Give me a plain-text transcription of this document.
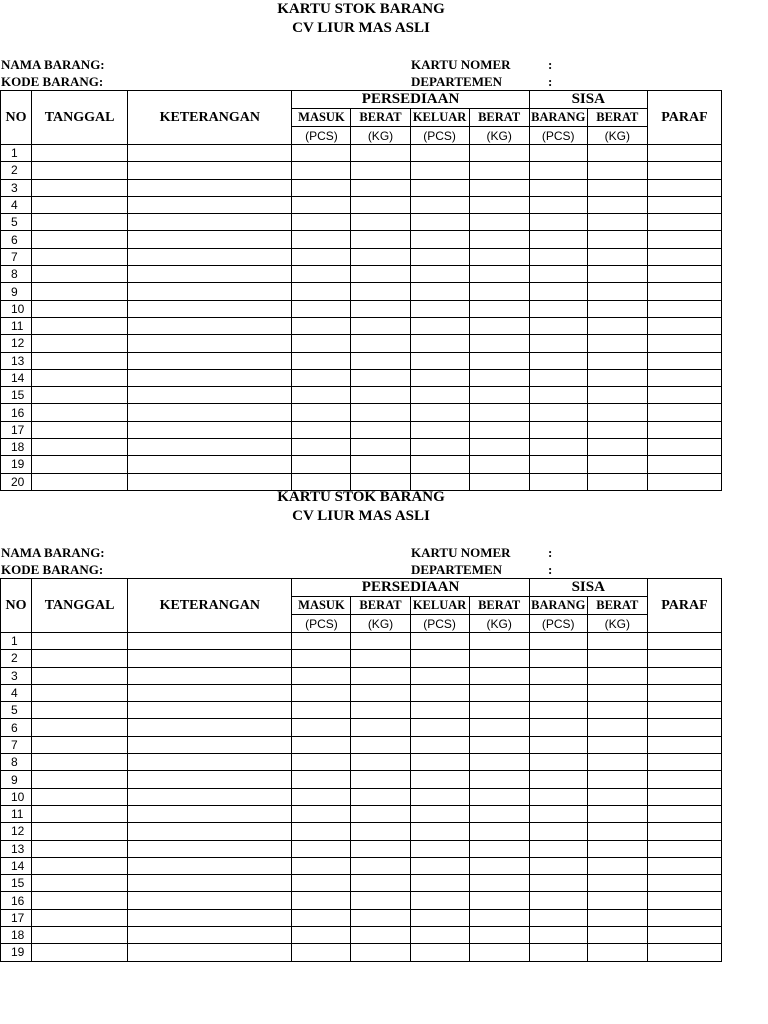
KARTU STOK BARANG
CV LIUR MAS ASLI
NAMA BARANG:
KODE BARANG:
KARTU NOMER	:
DEPARTEMEN	:
NO	TANGGAL	KETERANGAN	PERSEDIAAN				SISA		PARAF
			MASUK	BERAT	KELUAR	BERAT	BARANG	BERAT	
			(PCS)	(KG)	(PCS)	(KG)	(PCS)	(KG)	
1									
2									
3									
4									
5									
6									
7									
8									
9									
10									
11									
12									
13									
14									
15									
16									
17									
18									
19									
20									
KARTU STOK BARANG
CV LIUR MAS ASLI
NAMA BARANG:
KODE BARANG:
KARTU NOMER	:
DEPARTEMEN	:
NO	TANGGAL	KETERANGAN	PERSEDIAAN				SISA		PARAF
			MASUK	BERAT	KELUAR	BERAT	BARANG	BERAT	
			(PCS)	(KG)	(PCS)	(KG)	(PCS)	(KG)	
1									
2									
3									
4									
5									
6									
7									
8									
9									
10									
11									
12									
13									
14									
15									
16									
17									
18									
19									
